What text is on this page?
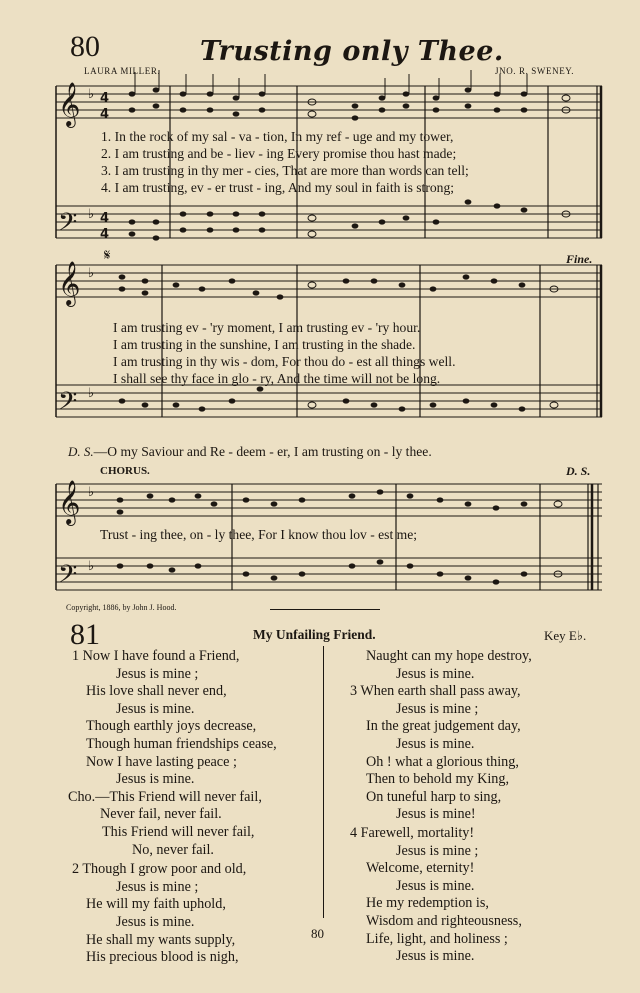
80	Trusting only Thee.
LAURA MILLER.	JNO. R. SWENEY.
𝄞
𝄢
𝄞
𝄢
𝄞
𝄢
♭
♭
♭
♭
♭
♭
4
4
4
4
𝄋	Fine.
1. In the rock of my sal - va - tion, In my ref - uge and my tower,
2. I am trusting and be - liev - ing Every promise thou hast made;
3. I am trusting in thy mer - cies, That are more than words can tell;
4. I am trusting, ev - er trust - ing, And my soul in faith is strong;
I am trusting ev - 'ry moment, I am trusting ev - 'ry hour.
I am trusting in the sunshine, I am trusting in the shade.
I am trusting in thy wis - dom, For thou do - est all things well.
I shall see thy face in glo - ry, And the time will not be long.
D. S.—O my Saviour and Re - deem - er, I am trusting on - ly thee.
CHORUS.	D. S.
Trust - ing thee, on - ly thee, For I know thou lov - est me;
Copyright, 1886, by John J. Hood.
81	My Unfailing Friend.	Key E♭.
1 Now I have found a Friend,
Jesus is mine ;
His love shall never end,
Jesus is mine.
Though earthly joys decrease,
Though human friendships cease,
Now I have lasting peace ;
Jesus is mine.
Cho.—This Friend will never fail,
Never fail, never fail.
This Friend will never fail,
No, never fail.
2 Though I grow poor and old,
Jesus is mine ;
He will my faith uphold,
Jesus is mine.
He shall my wants supply,
His precious blood is nigh,
Naught can my hope destroy,
Jesus is mine.
3 When earth shall pass away,
Jesus is mine ;
In the great judgement day,
Jesus is mine.
Oh ! what a glorious thing,
Then to behold my King,
On tuneful harp to sing,
Jesus is mine!
4 Farewell, mortality!
Jesus is mine ;
Welcome, eternity!
Jesus is mine.
He my redemption is,
Wisdom and righteousness,
Life, light, and holiness ;
Jesus is mine.
80
